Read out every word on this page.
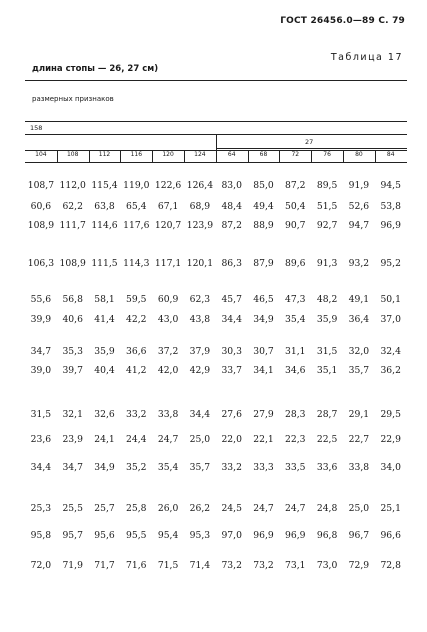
ГОСТ 26456.0—89 С. 79
Таблица 17
длина стопы — 26, 27 см)
размерных признаков
158
27
104	108	112	116	120	124	64	68	72	76	80	84
108,7 112,0 115,4 119,0 122,6 126,4 83,0	85,0	87,2	89,5	91,9	94,5
60,6	62,2	63,8	65,4	67,1	68,9	48,4	49,4	50,4	51,5	52,6	53,8
108,9 111,7 114,6 117,6 120,7 123,9 87,2	88,9	90,7	92,7	94,7	96,9
106,3 108,9 111,5 114,3 117,1 120,1 86,3	87,9	89,6	91,3	93,2	95,2
55,6	56,8	58,1	59,5	60,9	62,3	45,7	46,5	47,3	48,2	49,1	50,1
39,9	40,6	41,4	42,2	43,0	43,8	34,4	34,9	35,4	35,9	36,4	37,0
34,7	35,3	35,9	36,6	37,2	37,9	30,3	30,7	31,1	31,5	32,0	32,4
39,0	39,7	40,4	41,2	42,0	42,9	33,7	34,1	34,6	35,1	35,7	36,2
31,5	32,1	32,6	33,2	33,8	34,4	27,6	27,9	28,3	28,7	29,1	29,5
23,6	23,9	24,1	24,4	24,7	25,0	22,0	22,1	22,3	22,5	22,7	22,9
34,4	34,7	34,9	35,2	35,4	35,7	33,2	33,3	33,5	33,6	33,8	34,0
25,3	25,5	25,7	25,8	26,0	26,2	24,5	24,7	24,7	24,8	25,0	25,1
95,8	95,7	95,6	95,5	95,4	95,3	97,0	96,9	96,9	96,8	96,7	96,6
72,0	71,9	71,7	71,6	71,5	71,4	73,2	73,2	73,1	73,0	72,9	72,8
